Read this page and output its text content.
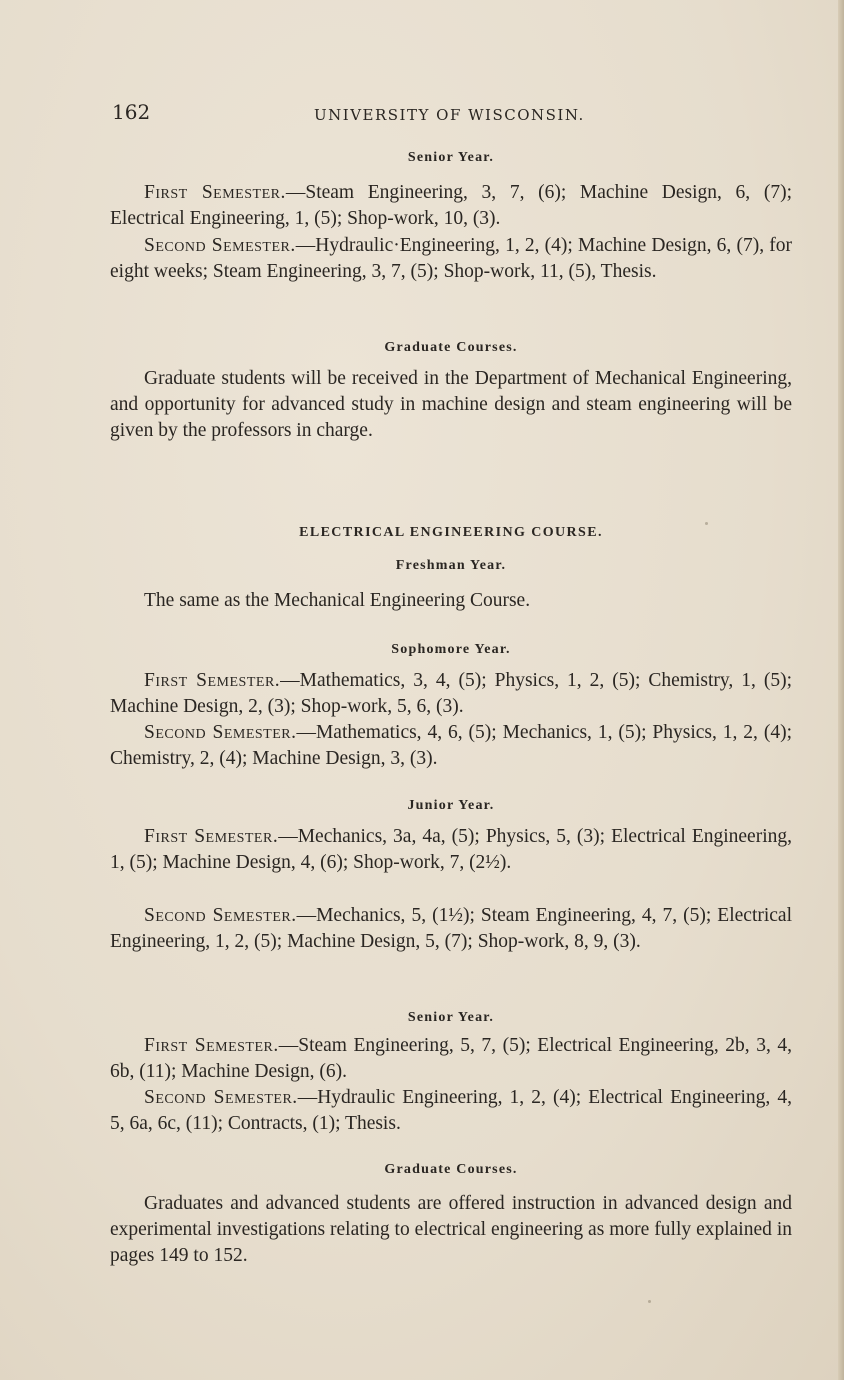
162	UNIVERSITY OF WISCONSIN.
Senior Year.

First Semester.—Steam Engineering, 3, 7, (6); Machine Design, 6, (7); Electrical Engineering, 1, (5); Shop-work, 10, (3).

Second Semester.—Hydraulic·Engineering, 1, 2, (4); Machine Design, 6, (7), for eight weeks; Steam Engineering, 3, 7, (5); Shop-work, 11, (5), Thesis.

Graduate Courses.

Graduate students will be received in the Department of Mechanical Engineering, and opportunity for advanced study in machine design and steam engineering will be given by the professors in charge.

ELECTRICAL ENGINEERING COURSE.
Freshman Year.

The same as the Mechanical Engineering Course.

Sophomore Year.

First Semester.—Mathematics, 3, 4, (5); Physics, 1, 2, (5); Chemistry, 1, (5); Machine Design, 2, (3); Shop-work, 5, 6, (3).

Second Semester.—Mathematics, 4, 6, (5); Mechanics, 1, (5); Physics, 1, 2, (4); Chemistry, 2, (4); Machine Design, 3, (3).

Junior Year.

First Semester.—Mechanics, 3a, 4a, (5); Physics, 5, (3); Electrical Engineering, 1, (5); Machine Design, 4, (6); Shop-work, 7, (2½).

Second Semester.—Mechanics, 5, (1½); Steam Engineering, 4, 7, (5); Electrical Engineering, 1, 2, (5); Machine Design, 5, (7); Shop-work, 8, 9, (3).

Senior Year.

First Semester.—Steam Engineering, 5, 7, (5); Electrical Engineering, 2b, 3, 4, 6b, (11); Machine Design, (6).

Second Semester.—Hydraulic Engineering, 1, 2, (4); Electrical Engineering, 4, 5, 6a, 6c, (11); Contracts, (1); Thesis.

Graduate Courses.

Graduates and advanced students are offered instruction in advanced design and experimental investigations relating to electrical engineering as more fully explained in pages 149 to 152.
